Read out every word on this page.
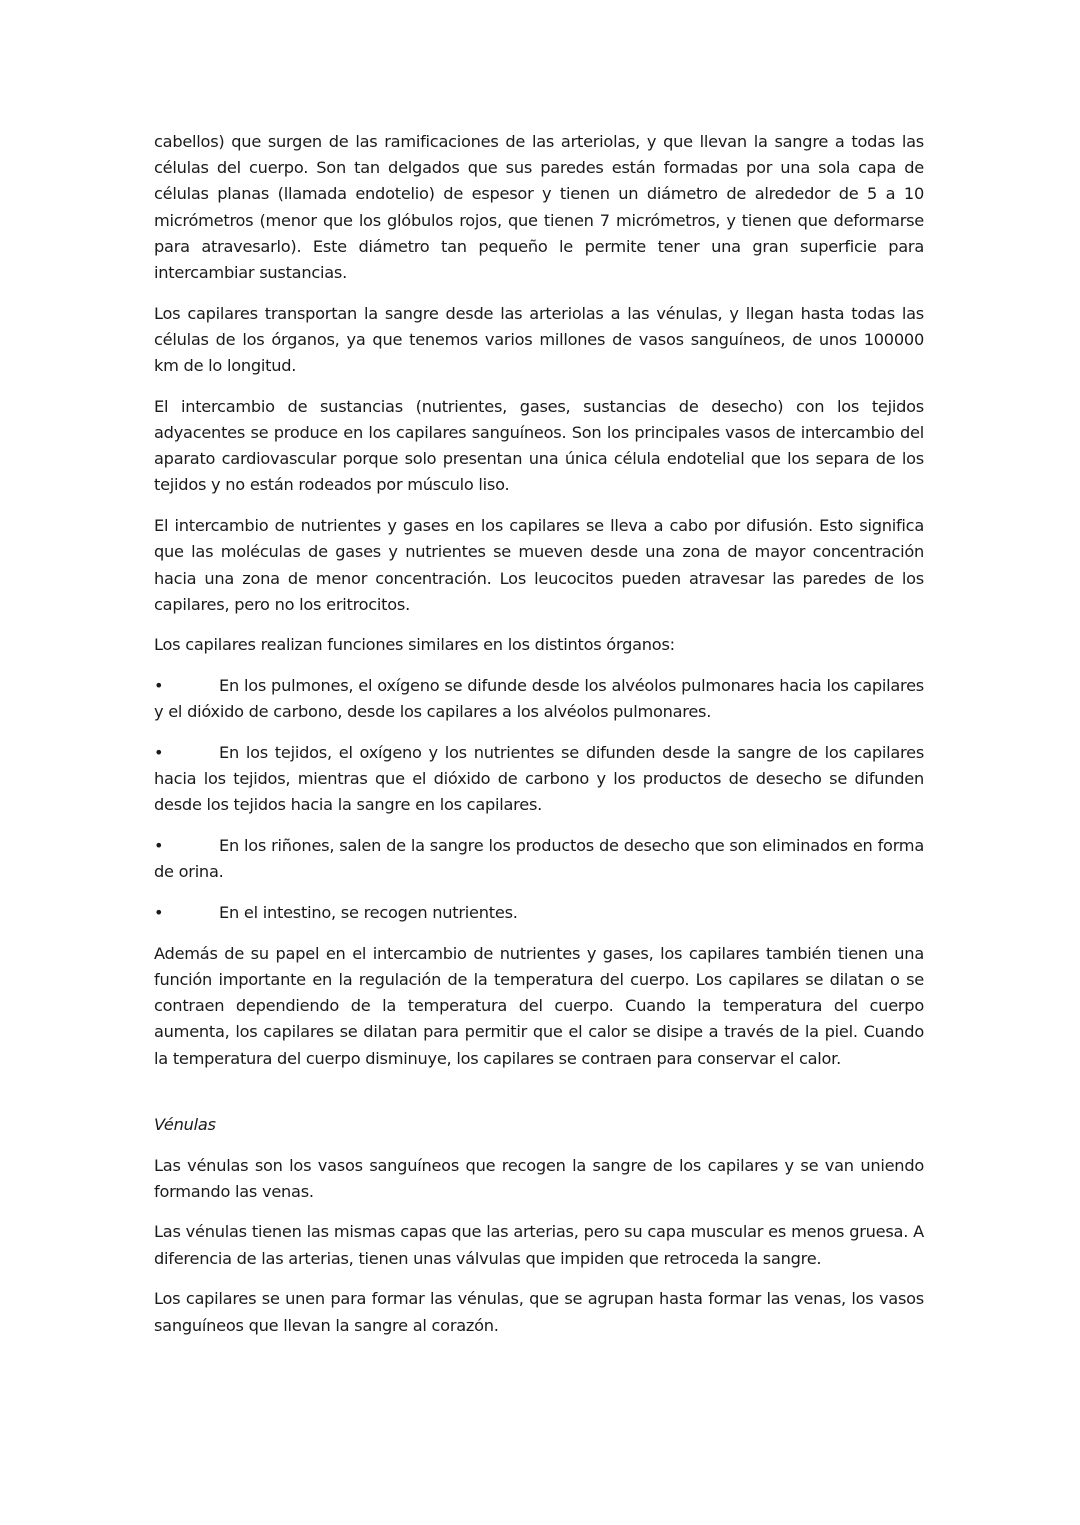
cabellos) que surgen de las ramificaciones de las arteriolas, y que llevan la sangre a todas las células del cuerpo. Son tan delgados que sus paredes están formadas por una sola capa de células planas (llamada endotelio) de espesor y tienen un diámetro de alrededor de 5 a 10 micrómetros (menor que los glóbulos rojos, que tienen 7 micrómetros, y tienen que deformarse para atravesarlo). Este diámetro tan pequeño le permite tener una gran superficie para intercambiar sustancias.

Los capilares transportan la sangre desde las arteriolas a las vénulas, y llegan hasta todas las células de los órganos, ya que tenemos varios millones de vasos sanguíneos, de unos 100000 km de lo longitud.

El intercambio de sustancias (nutrientes, gases, sustancias de desecho) con los tejidos adyacentes se produce en los capilares sanguíneos. Son los principales vasos de intercambio del aparato cardiovascular porque solo presentan una única célula endotelial que los separa de los tejidos y no están rodeados por músculo liso.

El intercambio de nutrientes y gases en los capilares se lleva a cabo por difusión. Esto significa que las moléculas de gases y nutrientes se mueven desde una zona de mayor concentración hacia una zona de menor concentración. Los leucocitos pueden atravesar las paredes de los capilares, pero no los eritrocitos.

Los capilares realizan funciones similares en los distintos órganos:

•	En los pulmones, el oxígeno se difunde desde los alvéolos pulmonares hacia los capilares y el dióxido de carbono, desde los capilares a los alvéolos pulmonares.

•	En los tejidos, el oxígeno y los nutrientes se difunden desde la sangre de los capilares hacia los tejidos, mientras que el dióxido de carbono y los productos de desecho se difunden desde los tejidos hacia la sangre en los capilares.

•	En los riñones, salen de la sangre los productos de desecho que son eliminados en forma de orina.

•	En el intestino, se recogen nutrientes.

Además de su papel en el intercambio de nutrientes y gases, los capilares también tienen una función importante en la regulación de la temperatura del cuerpo. Los capilares se dilatan o se contraen dependiendo de la temperatura del cuerpo. Cuando la temperatura del cuerpo aumenta, los capilares se dilatan para permitir que el calor se disipe a través de la piel. Cuando la temperatura del cuerpo disminuye, los capilares se contraen para conservar el calor.

Vénulas

Las vénulas son los vasos sanguíneos que recogen la sangre de los capilares y se van uniendo formando las venas.

Las vénulas tienen las mismas capas que las arterias, pero su capa muscular es menos gruesa. A diferencia de las arterias, tienen unas válvulas que impiden que retroceda la sangre.

Los capilares se unen para formar las vénulas, que se agrupan hasta formar las venas, los vasos sanguíneos que llevan la sangre al corazón.
